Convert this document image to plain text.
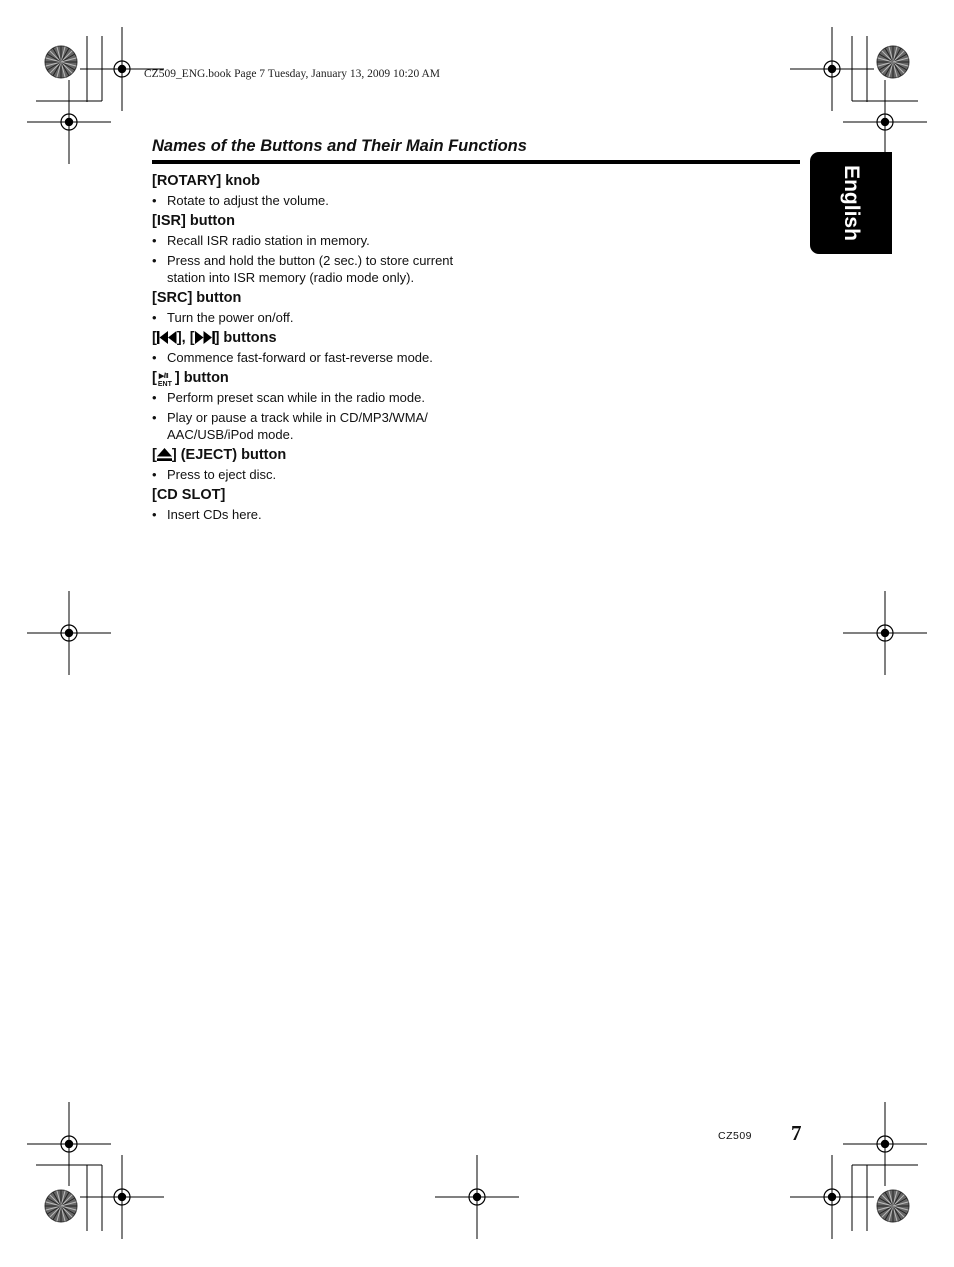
CZ509_ENG.book Page 7 Tuesday, January 13, 2009 10:20 AM
Names of the Buttons and Their Main Functions
English
[ROTARY] knob
• Rotate to adjust the volume.
[ISR] button
• Recall ISR radio station in memory.
• Press and hold the button (2 sec.) to store current station into ISR memory (radio mode only).
[SRC] button
• Turn the power on/off.
[ ], [ ] buttons
• Commence fast-forward or fast-reverse mode.
[ ▶/II
ENT ] button
• Perform preset scan while in the radio mode.
• Play or pause a track while in CD/MP3/WMA/ AAC/USB/iPod mode.
[ ] (EJECT) button
• Press to eject disc.
[CD SLOT]
• Insert CDs here.
CZ509 7
